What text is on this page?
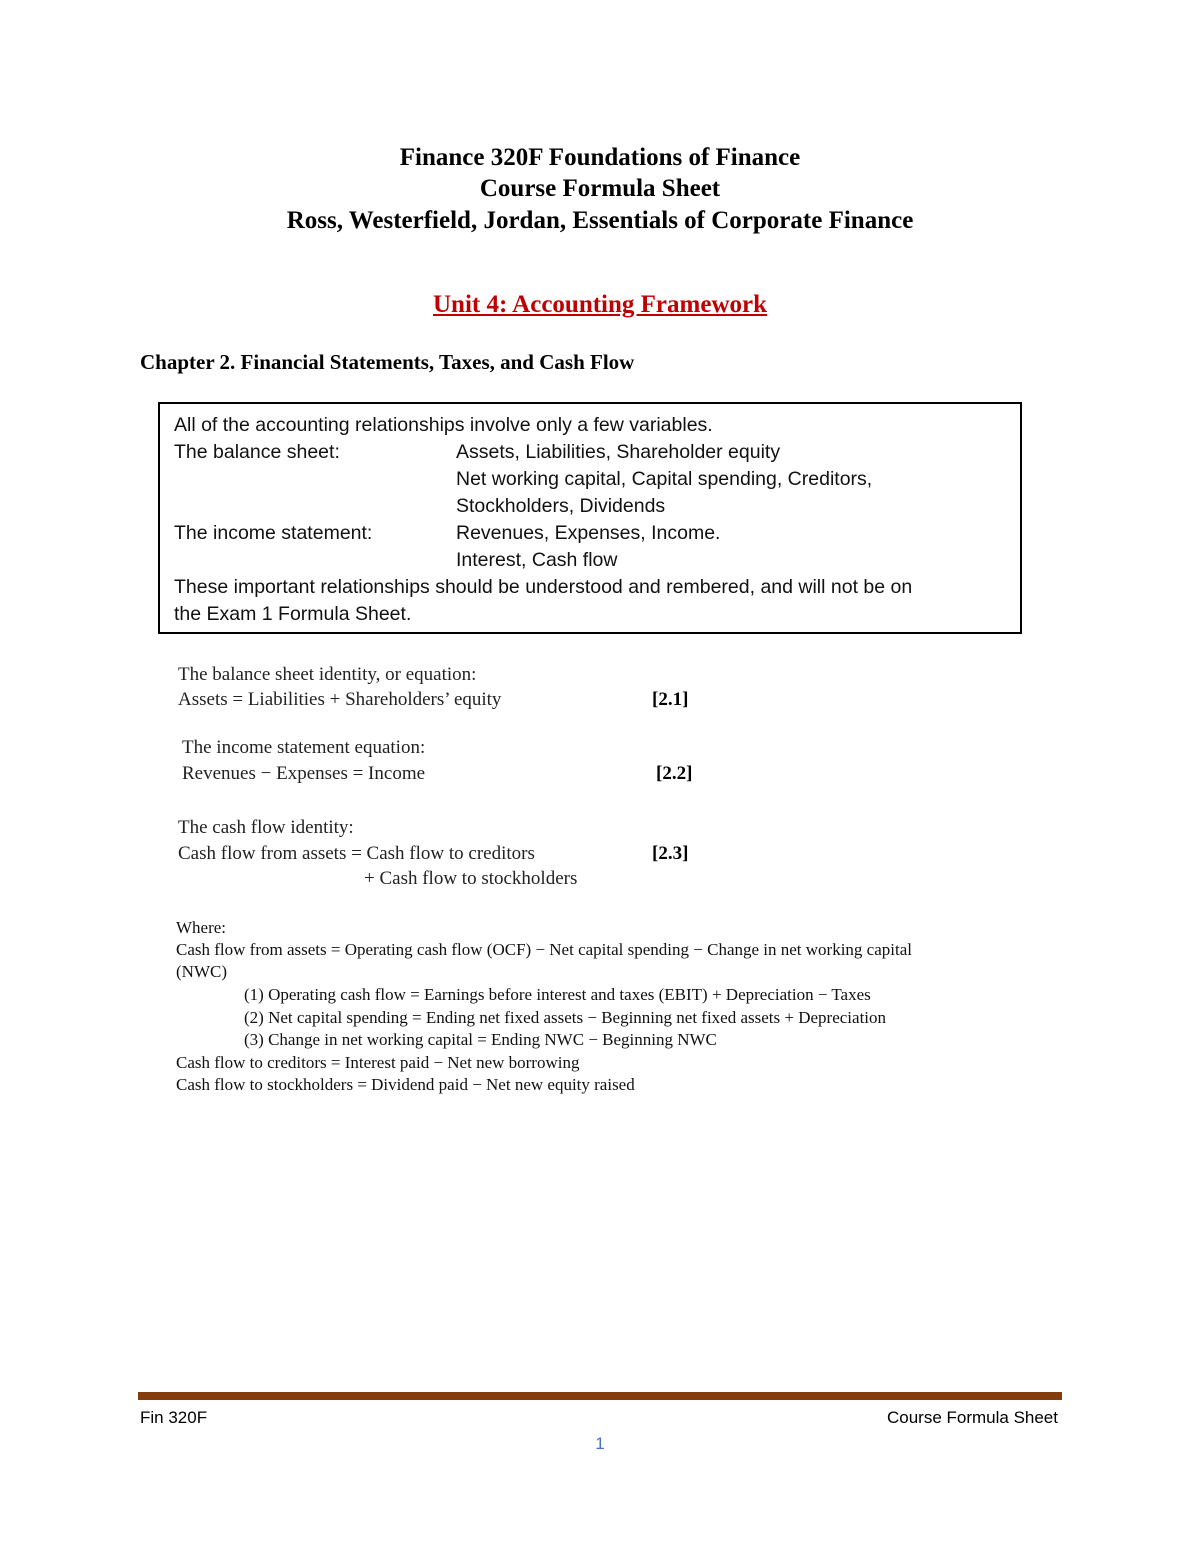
Finance 320F Foundations of Finance
Course Formula Sheet
Ross, Westerfield, Jordan, Essentials of Corporate Finance
Unit 4: Accounting Framework
Chapter 2. Financial Statements, Taxes, and Cash Flow
All of the accounting relationships involve only a few variables.
The balance sheet:	Assets, Liabilities, Shareholder equity
Net working capital, Capital spending, Creditors,
Stockholders, Dividends
The income statement:	Revenues, Expenses, Income.
Interest, Cash flow
These important relationships should be understood and rembered, and will not be on
the Exam 1 Formula Sheet.
The balance sheet identity, or equation:
Assets = Liabilities + Shareholders’ equity	[2.1]
The income statement equation:
Revenues − Expenses = Income	[2.2]
The cash flow identity:
Cash flow from assets = Cash flow to creditors	[2.3]
+ Cash flow to stockholders
Where:
Cash flow from assets = Operating cash flow (OCF) − Net capital spending − Change in net working capital
(NWC)
(1) Operating cash flow = Earnings before interest and taxes (EBIT) + Depreciation − Taxes
(2) Net capital spending = Ending net fixed assets − Beginning net fixed assets + Depreciation
(3) Change in net working capital = Ending NWC − Beginning NWC
Cash flow to creditors = Interest paid − Net new borrowing
Cash flow to stockholders = Dividend paid − Net new equity raised
Fin 320F	Course Formula Sheet
1
